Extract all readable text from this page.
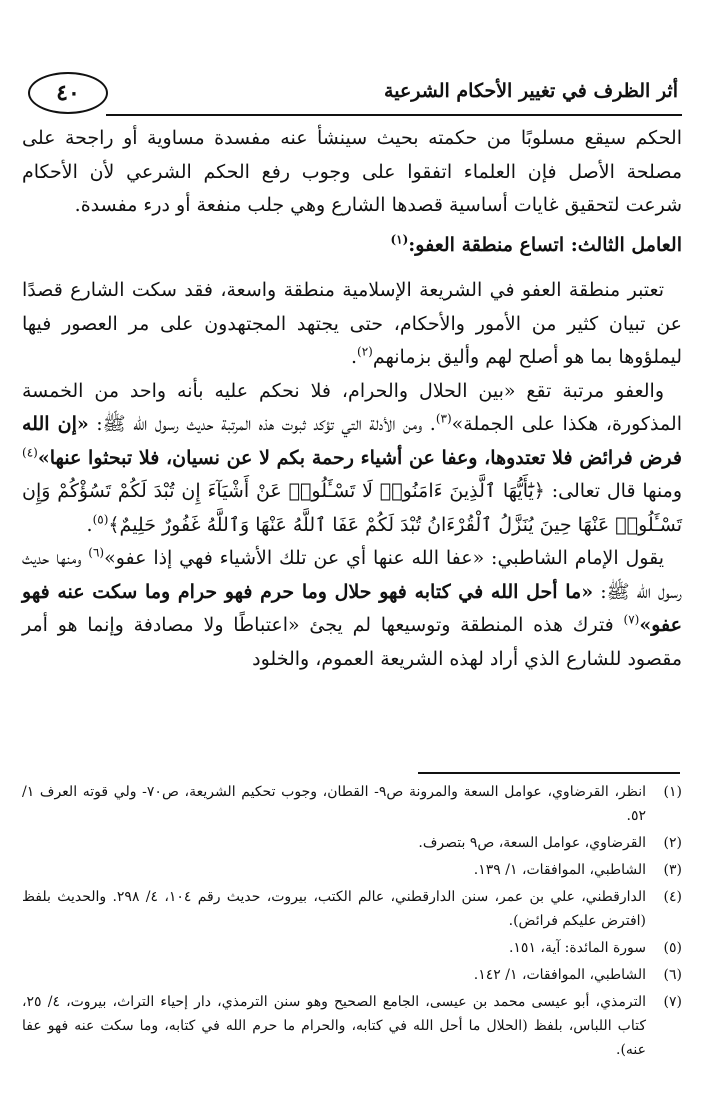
أثر الظرف في تغيير الأحكام الشرعية
٤٠

الحكم سيقع مسلوبًا من حكمته بحيث سينشأ عنه مفسدة مساوية أو راجحة على مصلحة الأصل فإن العلماء اتفقوا على وجوب رفع الحكم الشرعي لأن الأحكام شرعت لتحقيق غايات أساسية قصدها الشارع وهي جلب منفعة أو درء مفسدة.

العامل الثالث: اتساع منطقة العفو:$^{(١)}$

تعتبر منطقة العفو في الشريعة الإسلامية منطقة واسعة، فقد سكت الشارع قصدًا عن تبيان كثير من الأمور والأحكام، حتى يجتهد المجتهدون على مر العصور فيها ليملؤوها بما هو أصلح لهم وأليق بزمانهم$^{(٢)}$.

والعفو مرتبة تقع «بين الحلال والحرام، فلا نحكم عليه بأنه واحد من الخمسة المذكورة، هكذا على الجملة»$^{(٣)}$. ومن الأدلة التي تؤكد ثبوت هذه المرتبة حديث رسول الله ﷺ: «إن الله فرض فرائض فلا تعتدوها، وعفا عن أشياء رحمة بكم لا عن نسيان، فلا تبحثوا عنها»$^{(٤)}$ ومنها قال تعالى: ﴿يَٰٓأَيُّهَا ٱلَّذِينَ ءَامَنُوا۟ لَا تَسْـَٔلُوا۟ عَنْ أَشْيَآءَ إِن تُبْدَ لَكُمْ تَسُؤْكُمْ وَإِن تَسْـَٔلُوا۟ عَنْهَا حِينَ يُنَزَّلُ ٱلْقُرْءَانُ تُبْدَ لَكُمْ عَفَا ٱللَّهُ عَنْهَا وَٱللَّهُ غَفُورٌ حَلِيمٌ﴾$^{(٥)}$.

يقول الإمام الشاطبي: «عفا الله عنها أي عن تلك الأشياء فهي إذا عفو»$^{(٦)}$ ومنها حديث رسول الله ﷺ: «ما أحل الله في كتابه فهو حلال وما حرم فهو حرام وما سكت عنه فهو عفو»$^{(٧)}$ فترك هذه المنطقة وتوسيعها لم يجئ «اعتباطًا ولا مصادفة وإنما هو أمر مقصود للشارع الذي أراد لهذه الشريعة العموم، والخلود

(١)
انظر، القرضاوي، عوامل السعة والمرونة ص٩- القطان، وجوب تحكيم الشريعة، ص٧٠- ولي قوته العرف ١/ ٥٢.
(٢)
القرضاوي، عوامل السعة، ص٩ بتصرف.
(٣)
الشاطبي، الموافقات، ١/ ١٣٩.
(٤)
الدارقطني، علي بن عمر، سنن الدارقطني، عالم الكتب، بيروت، حديث رقم ١٠٤، ٤/ ٢٩٨. والحديث بلفظ (افترض عليكم فرائض).
(٥)
سورة المائدة: آية، ١٥١.
(٦)
الشاطبي، الموافقات، ١/ ١٤٢.
(٧)
الترمذي، أبو عيسى محمد بن عيسى، الجامع الصحيح وهو سنن الترمذي، دار إحياء التراث، بيروت، ٤/ ٢٥، كتاب اللباس، بلفظ (الحلال ما أحل الله في كتابه، والحرام ما حرم الله في كتابه، وما سكت عنه فهو عفا عنه).
